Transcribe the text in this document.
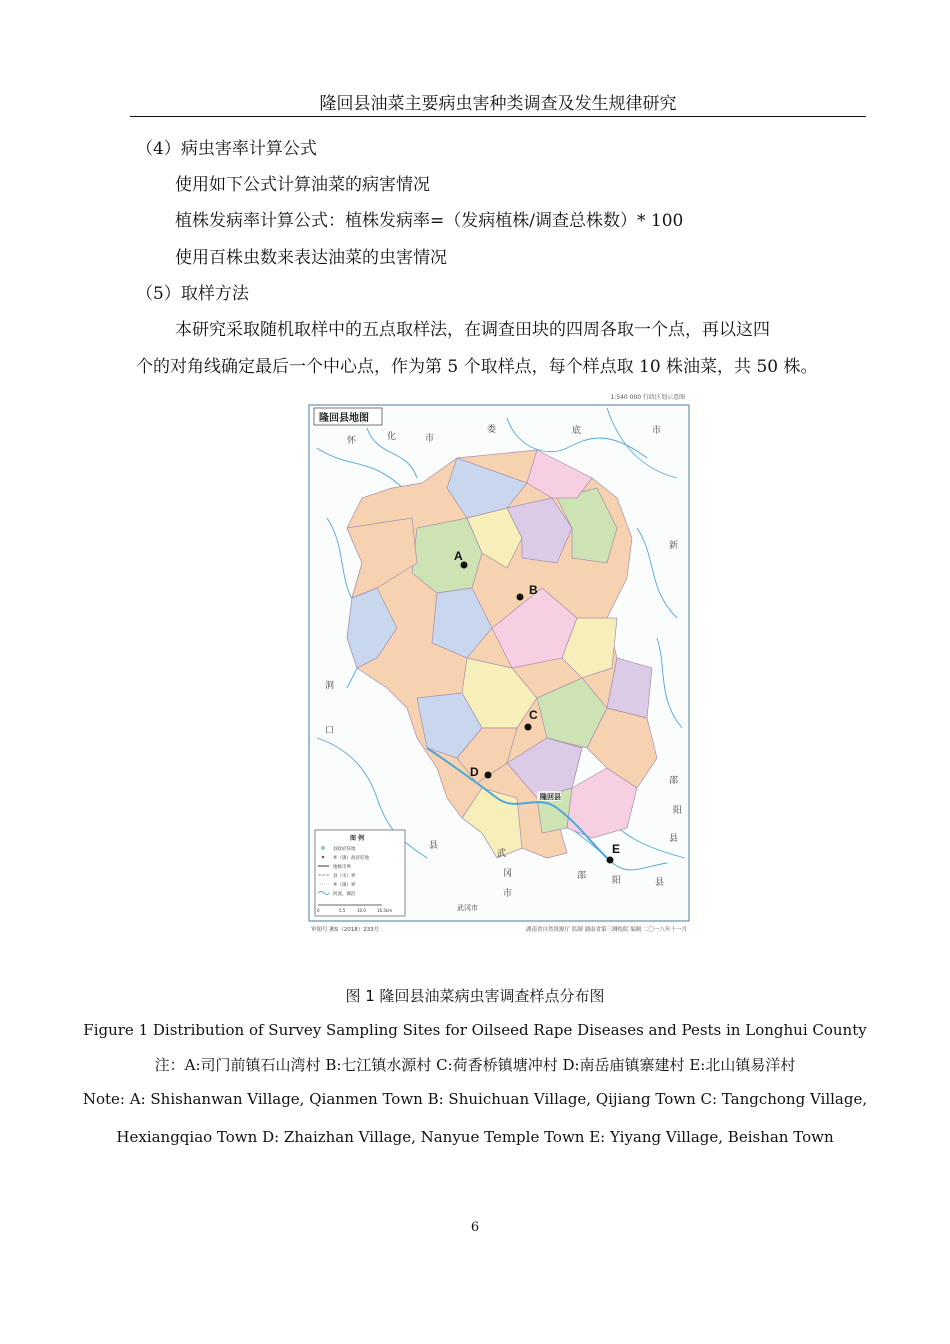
隆回县油菜主要病虫害种类调查及发生规律研究
（4）病虫害率计算公式
使用如下公式计算油菜的病害情况
植株发病率计算公式：植株发病率=（发病植株/调查总株数）* 100
使用百株虫数来表达油菜的虫害情况
（5）取样方法
本研究采取随机取样中的五点取样法，在调查田块的四周各取一个点，再以这四
个的对角线确定最后一个中心点，作为第 5 个取样点，每个样点取 10 株油菜，共 50 株。
1:540 000 行政区划示意图
隆回县地图
怀	化	市
娄	底	市
新
邵
阳
县
洞
口
县
武
冈
市
邵	阳	县
武冈市
隆回县
A
B
C
D
E
图 例
县政府驻地
乡（镇）政府驻地
地级市界
县（市）界
乡（镇）界
河流、湖泊
0	5.5	10.0	16.5km
审图号 湘S（2018）233号	湖南省自然资源厅 监制 湖南省第三测绘院 编制 二〇一八年十一月
图 1 隆回县油菜病虫害调查样点分布图
Figure 1 Distribution of Survey Sampling Sites for Oilseed Rape Diseases and Pests in Longhui County
注：A:司门前镇石山湾村 B:七江镇水源村 C:荷香桥镇塘冲村 D:南岳庙镇寨建村 E:北山镇易洋村
Note: A: Shishanwan Village, Qianmen Town B: Shuichuan Village, Qijiang Town C: Tangchong Village,
Hexiangqiao Town D: Zhaizhan Village, Nanyue Temple Town E: Yiyang Village, Beishan Town
6
